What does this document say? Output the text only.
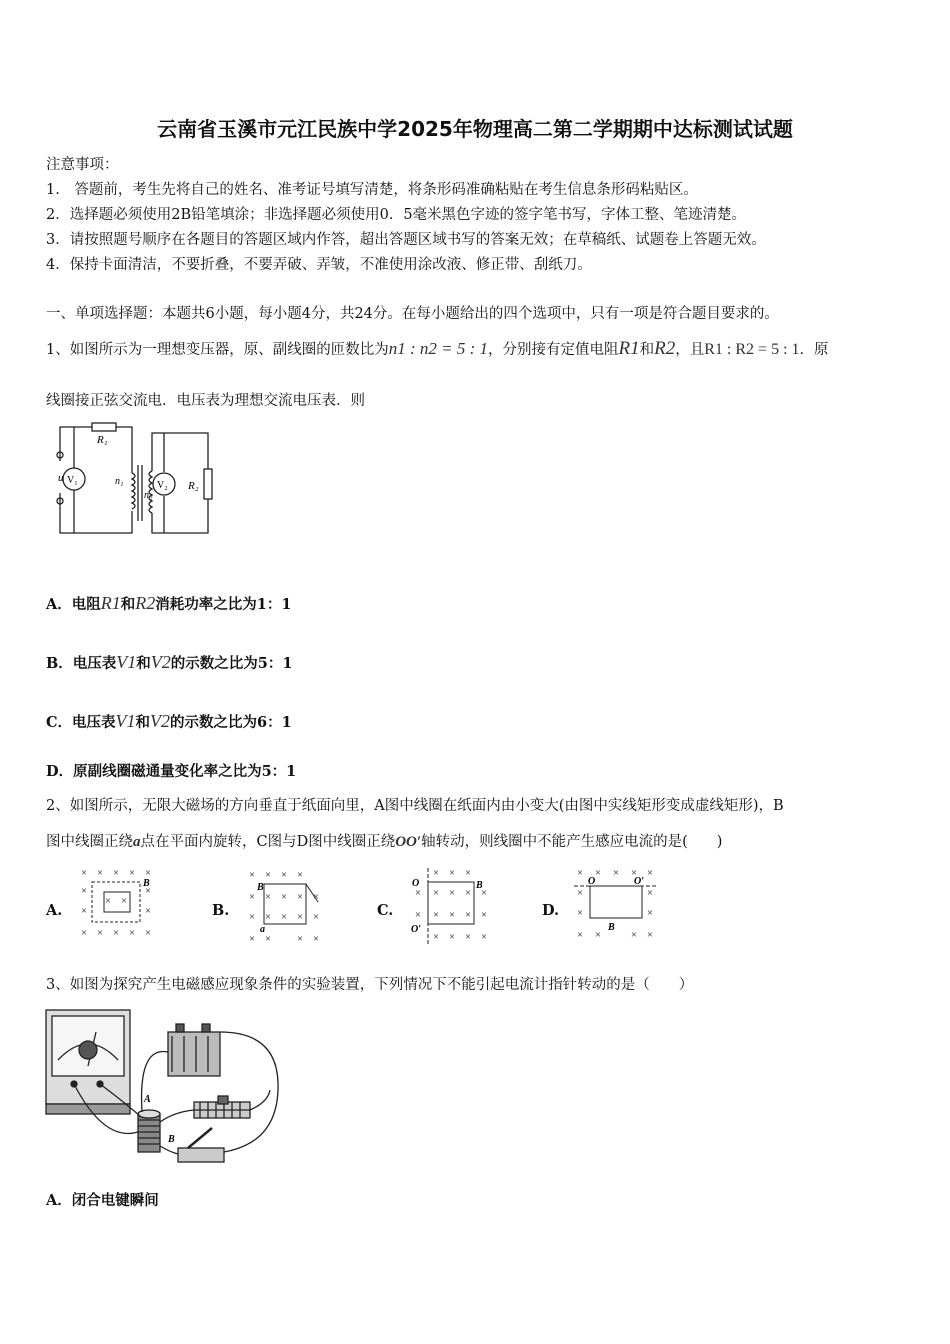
云南省玉溪市元江民族中学2025年物理高二第二学期期中达标测试试题
注意事项：
1.　答题前，考生先将自己的姓名、准考证号填写清楚，将条形码准确粘贴在考生信息条形码粘贴区。
2．选择题必须使用2B铅笔填涂；非选择题必须使用0．5毫米黑色字迹的签字笔书写，字体工整、笔迹清楚。
3．请按照题号顺序在各题目的答题区域内作答，超出答题区域书写的答案无效；在草稿纸、试题卷上答题无效。
4．保持卡面清洁，不要折叠，不要弄破、弄皱，不准使用涂改液、修正带、刮纸刀。
一、单项选择题：本题共6小题，每小题4分，共24分。在每小题给出的四个选项中，只有一项是符合题目要求的。
1、如图所示为一理想变压器，原、副线圈的匝数比为n1 : n2 = 5 : 1，分别接有定值电阻R1和R2，且R1 : R2 = 5 : 1．原
线圈接正弦交流电．电压表为理想交流电压表．则
u V₁	V₂
R₁
R₂
n₁
n₂
A．电阻R1和R2消耗功率之比为1：1
B．电压表V1和V2的示数之比为5：1
C．电压表V1和V2的示数之比为6：1
D．原副线圈磁通量变化率之比为5：1
2、如图所示，无限大磁场的方向垂直于纸面向里，A图中线圈在纸面内由小变大(由图中实线矩形变成虚线矩形)，B
图中线圈正绕a点在平面内旋转，C图与D图中线圈正绕OO′轴转动，则线圈中不能产生感应电流的是(　　)
A.	B.	C.	D.
× × × × ×
×	×
×	×
× × × × ×
× ×
B
× × × ×
× × × × ×
× × × × ×
× × × ×
B
a
× × ×
× × × × ×
× × × × ×
× × × ×
O
O′
B
× × × × ×
×	×
×	×
× ×	× ×
O	O′
B
3、如图为探究产生电磁感应现象条件的实验装置，下列情况下不能引起电流计指针转动的是（　　）
A
B
A．闭合电键瞬间
